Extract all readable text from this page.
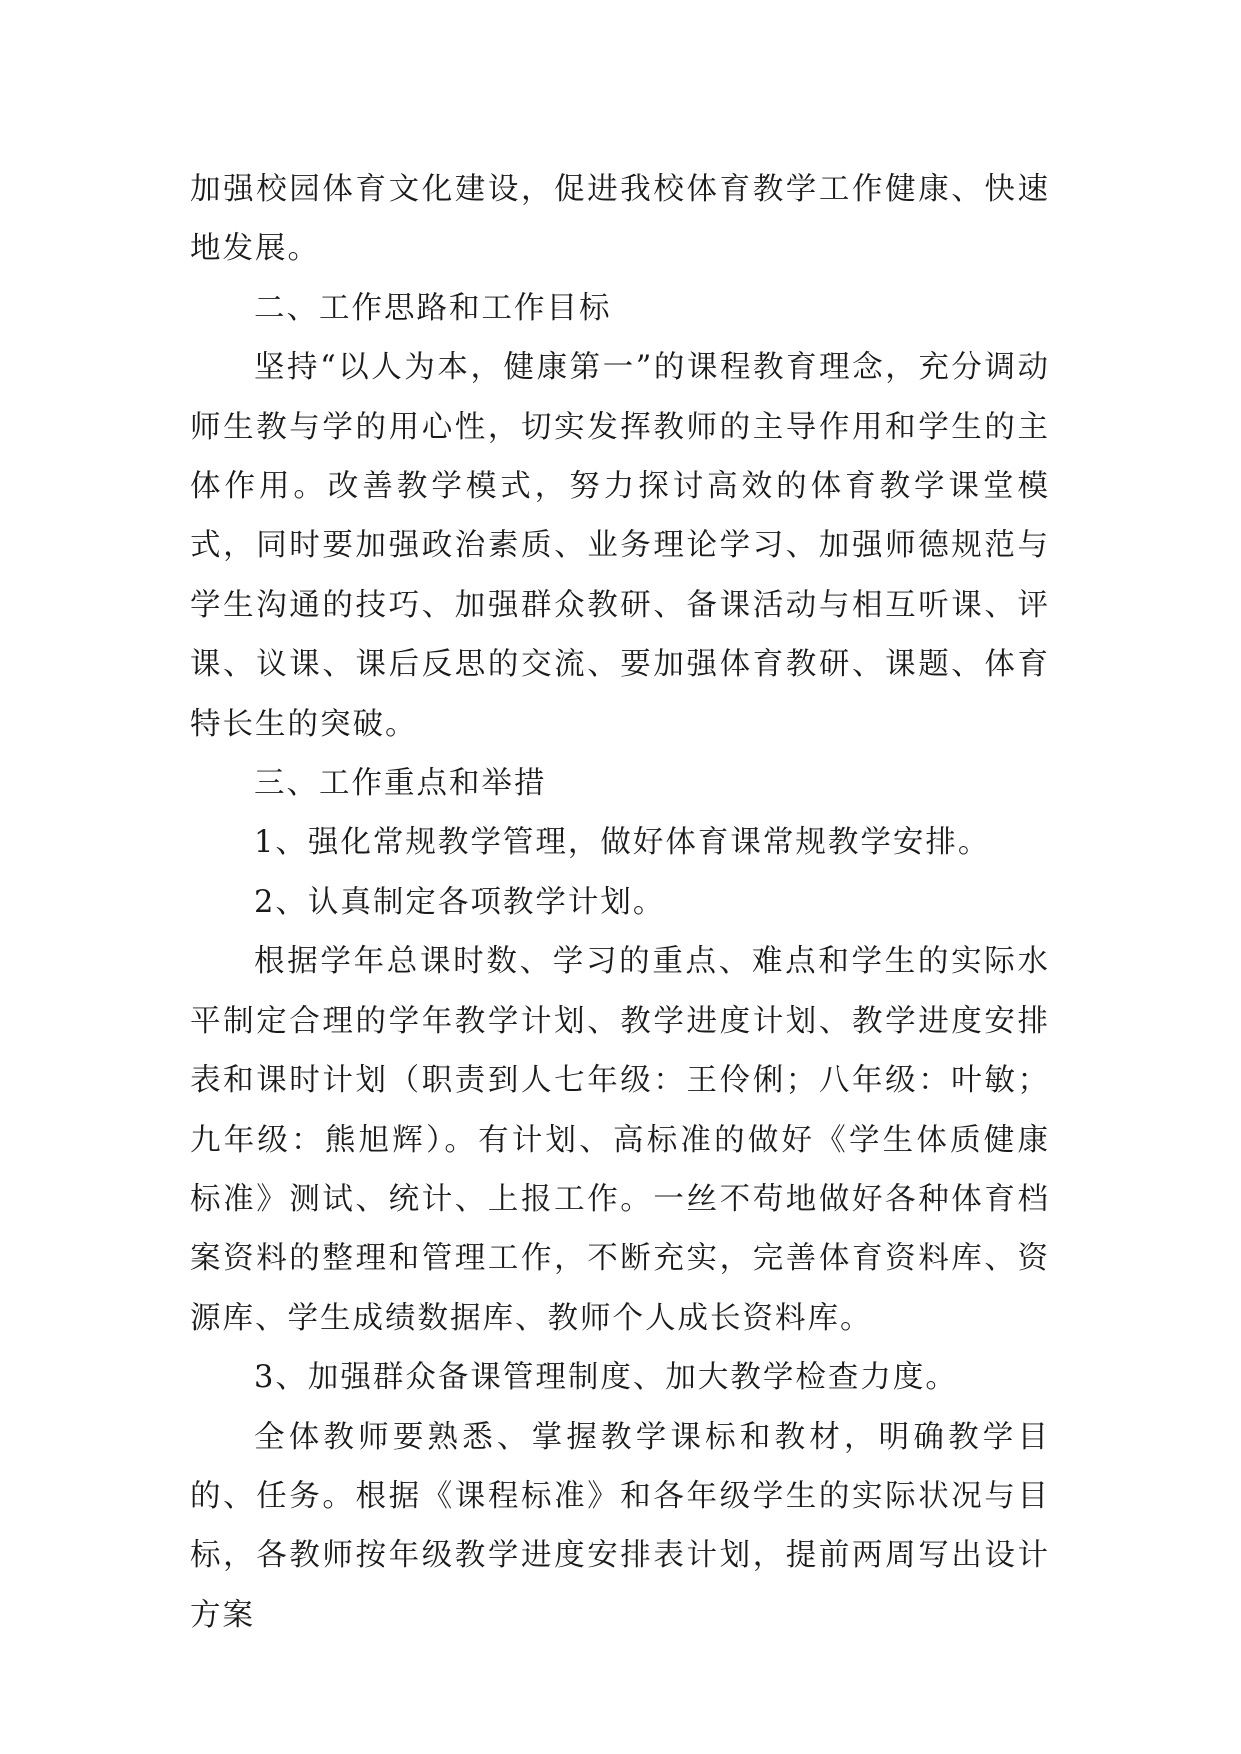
加强校园体育文化建设，促进我校体育教学工作健康、快速地发展。

二、工作思路和工作目标

坚持“以人为本，健康第一”的课程教育理念，充分调动师生教与学的用心性，切实发挥教师的主导作用和学生的主体作用。改善教学模式，努力探讨高效的体育教学课堂模式，同时要加强政治素质、业务理论学习、加强师德规范与学生沟通的技巧、加强群众教研、备课活动与相互听课、评课、议课、课后反思的交流、要加强体育教研、课题、体育特长生的突破。

三、工作重点和举措

1、强化常规教学管理，做好体育课常规教学安排。

2、认真制定各项教学计划。

根据学年总课时数、学习的重点、难点和学生的实际水平制定合理的学年教学计划、教学进度计划、教学进度安排表和课时计划（职责到人七年级：王伶俐；八年级：叶敏；九年级：熊旭辉）。有计划、高标准的做好《学生体质健康标准》测试、统计、上报工作。一丝不苟地做好各种体育档案资料的整理和管理工作，不断充实，完善体育资料库、资源库、学生成绩数据库、教师个人成长资料库。

3、加强群众备课管理制度、加大教学检查力度。

全体教师要熟悉、掌握教学课标和教材，明确教学目的、任务。根据《课程标准》和各年级学生的实际状况与目标，各教师按年级教学进度安排表计划，提前两周写出设计方案
